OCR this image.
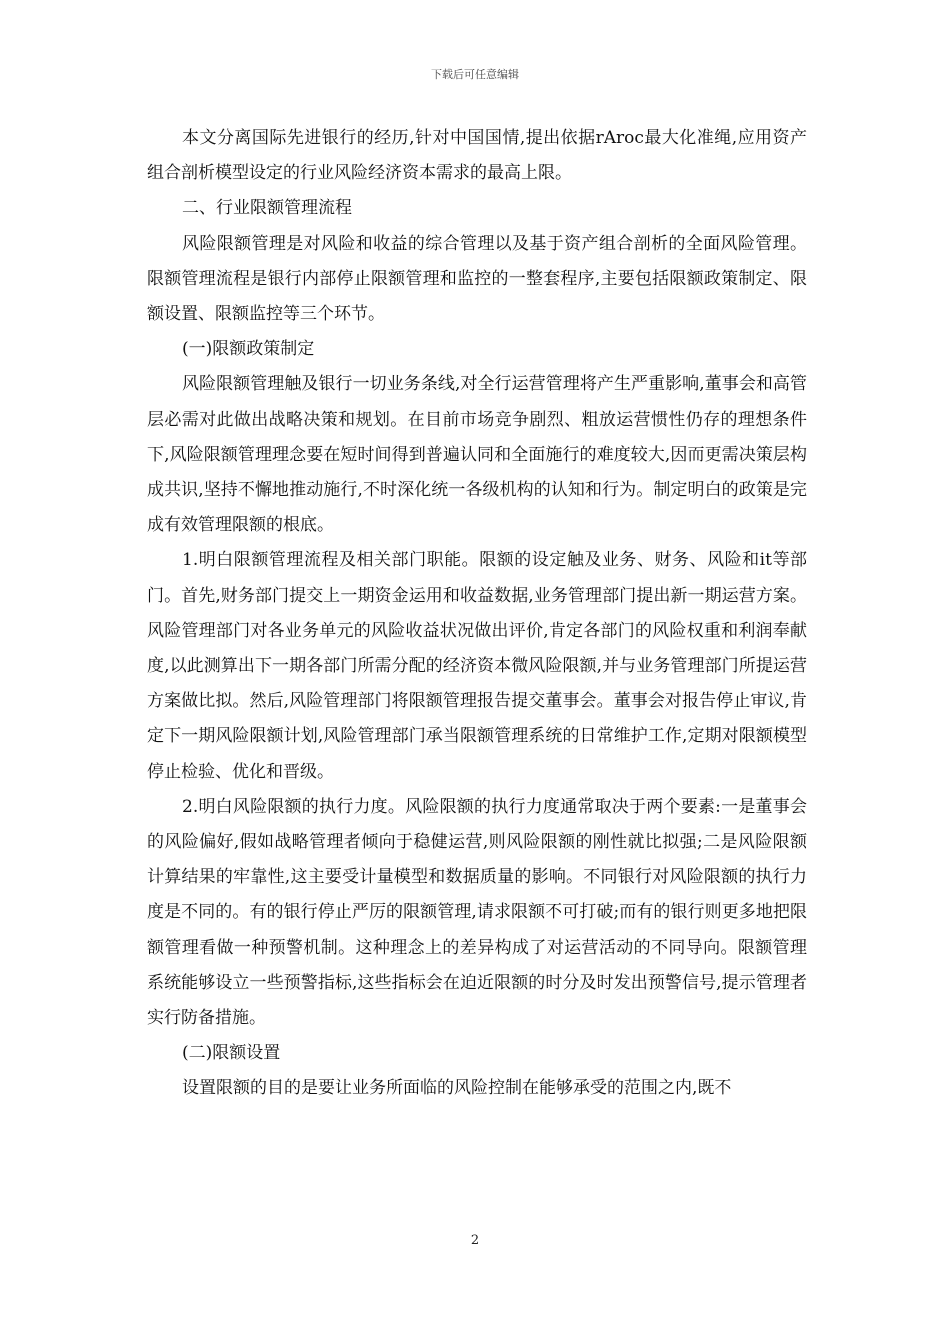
下载后可任意编辑

本文分离国际先进银行的经历,针对中国国情,提出依据rAroc最大化准绳,应用资产组合剖析模型设定的行业风险经济资本需求的最高上限。

二、行业限额管理流程

风险限额管理是对风险和收益的综合管理以及基于资产组合剖析的全面风险管理。限额管理流程是银行内部停止限额管理和监控的一整套程序,主要包括限额政策制定、限额设置、限额监控等三个环节。

(一)限额政策制定

风险限额管理触及银行一切业务条线,对全行运营管理将产生严重影响,董事会和高管层必需对此做出战略决策和规划。在目前市场竞争剧烈、粗放运营惯性仍存的理想条件下,风险限额管理理念要在短时间得到普遍认同和全面施行的难度较大,因而更需决策层构成共识,坚持不懈地推动施行,不时深化统一各级机构的认知和行为。制定明白的政策是完成有效管理限额的根底。

1.明白限额管理流程及相关部门职能。限额的设定触及业务、财务、风险和it等部门。首先,财务部门提交上一期资金运用和收益数据,业务管理部门提出新一期运营方案。风险管理部门对各业务单元的风险收益状况做出评价,肯定各部门的风险权重和利润奉献度,以此测算出下一期各部门所需分配的经济资本微风险限额,并与业务管理部门所提运营方案做比拟。然后,风险管理部门将限额管理报告提交董事会。董事会对报告停止审议,肯定下一期风险限额计划,风险管理部门承当限额管理系统的日常维护工作,定期对限额模型停止检验、优化和晋级。

2.明白风险限额的执行力度。风险限额的执行力度通常取决于两个要素:一是董事会的风险偏好,假如战略管理者倾向于稳健运营,则风险限额的刚性就比拟强;二是风险限额计算结果的牢靠性,这主要受计量模型和数据质量的影响。不同银行对风险限额的执行力度是不同的。有的银行停止严厉的限额管理,请求限额不可打破;而有的银行则更多地把限额管理看做一种预警机制。这种理念上的差异构成了对运营活动的不同导向。限额管理系统能够设立一些预警指标,这些指标会在迫近限额的时分及时发出预警信号,提示管理者实行防备措施。

(二)限额设置

设置限额的目的是要让业务所面临的风险控制在能够承受的范围之内,既不

2
